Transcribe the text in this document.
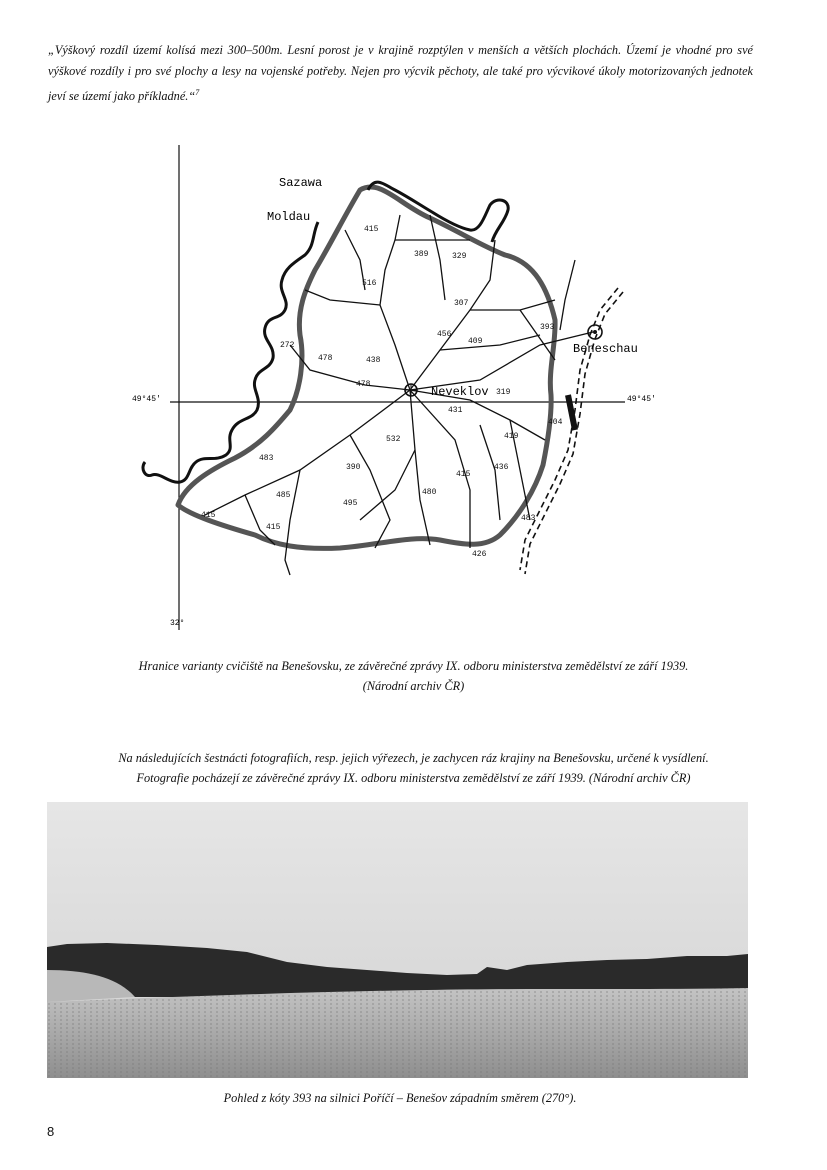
„Výškový rozdíl území kolísá mezi 300–500m. Lesní porost je v krajině rozptýlen v menších a větších plochách. Území je vhodné pro své výškové rozdíly i pro své plochy a lesy na vojenské potřeby. Nejen pro výcvik pěchoty, ale také pro výcvikové úkoly motorizovaných jednotek jeví se území jako příkladné.“$^7$

Sazawa
Moldau
Beneschau
Neveklov
49°45'	49°45'
32°
415
389	329
516
307
456
409
393
272
478	438
478
319
431
404
532	419
483
390	436
415
485
495
480
415
415
483
426
Hranice varianty cvičiště na Benešovsku, ze závěrečné zprávy IX. odboru ministerstva zemědělství ze září 1939.
(Národní archiv ČR)
Na následujících šestnácti fotografiích, resp. jejich výřezech, je zachycen ráz krajiny na Benešovsku, určené k vysídlení.
Fotografie pocházejí ze závěrečné zprávy IX. odboru ministerstva zemědělství ze září 1939. (Národní archiv ČR)
Pohled z kóty 393 na silnici Poříčí – Benešov západním směrem (270°).
8
